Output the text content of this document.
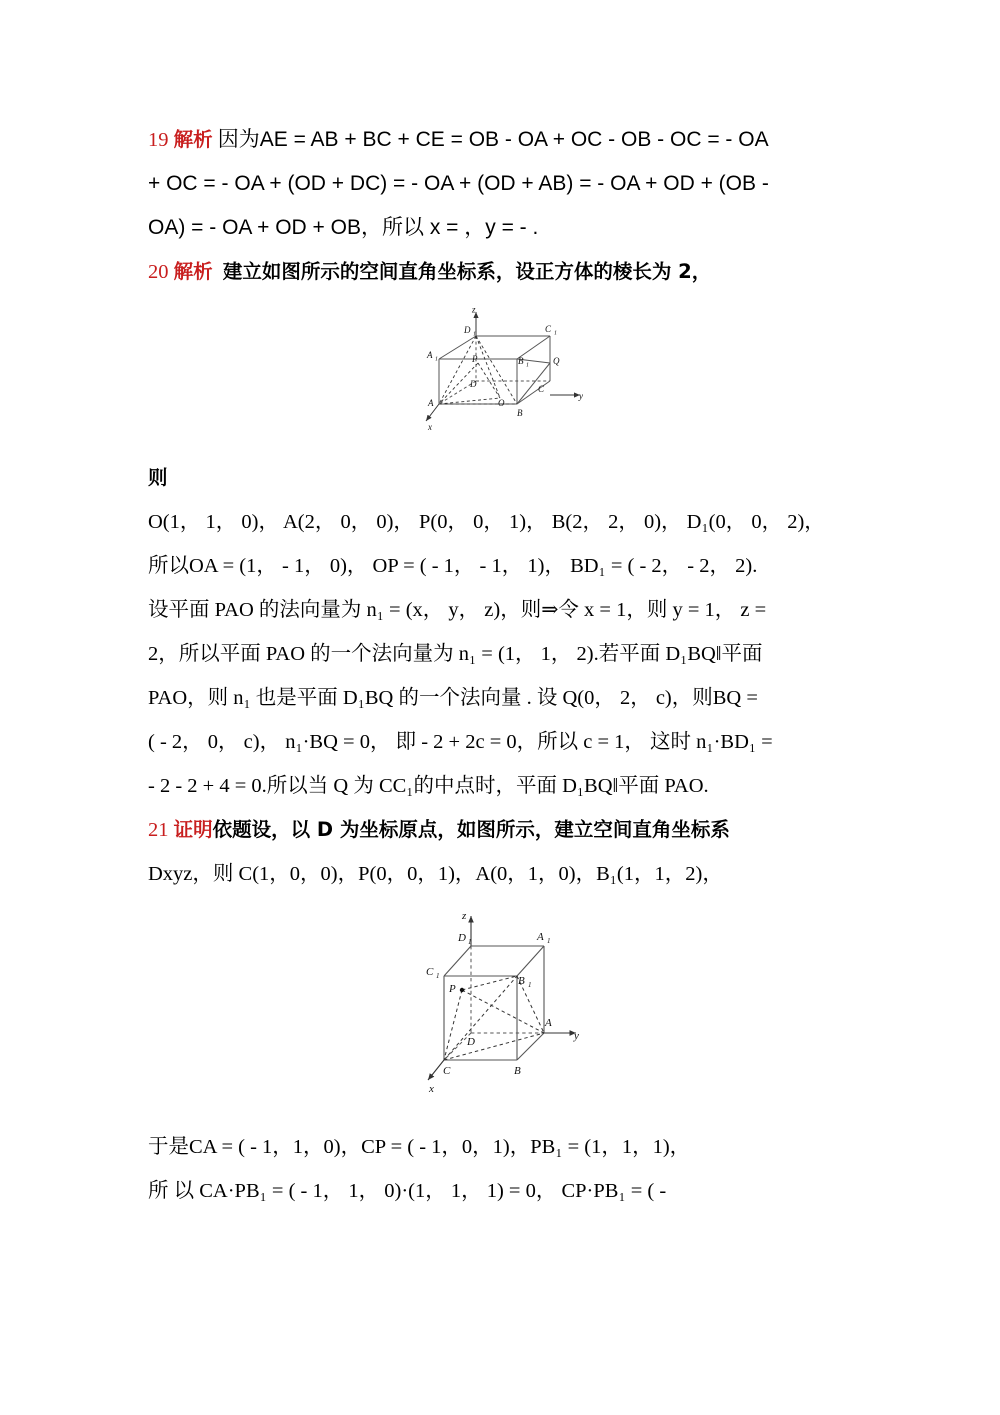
19 解析 因为AE = AB + BC + CE = OB - OA + OC - OB - OC = - OA
+ OC = - OA + (OD + DC) = - OA + (OD + AB) = - OA + OD + (OB -
OA) = - OA + OD + OB，所以 x = ，y = - .
20 解析 建立如图所示的空间直角坐标系，设正方体的棱长为 2，
z
y
x
D 1
C 1
A 1	B 1	Q
D	C
A	O
B
P
则
O(1， 1， 0)， A(2， 0， 0)， P(0， 0， 1)， B(2， 2， 0)， D₁(0， 0， 2)，
所以OA = (1， - 1， 0)， OP = ( - 1， - 1， 1)， BD₁ = ( - 2， - 2， 2).
设平面 PAO 的法向量为 n₁ = (x， y， z)，则⇒令 x = 1，则 y = 1， z =
2，所以平面 PAO 的一个法向量为 n₁ = (1， 1， 2).若平面 D₁BQ‖平面
PAO，则 n₁ 也是平面 D₁BQ 的一个法向量 . 设 Q(0， 2， c)，则BQ =
( - 2， 0， c)， n₁·BQ = 0， 即 - 2 + 2c = 0，所以 c = 1， 这时 n₁·BD₁ =
- 2 - 2 + 4 = 0.所以当 Q 为 CC₁的中点时，平面 D₁BQ‖平面 PAO.
21 证明依题设，以 D 为坐标原点，如图所示，建立空间直角坐标系
Dxyz，则 C(1，0，0)，P(0，0，1)，A(0，1，0)，B₁(1，1，2)，
z
y
x
D 1	A 1
C 1	B 1
P
D
A
C	B
于是CA = ( - 1，1，0)，CP = ( - 1，0，1)，PB₁ = (1，1，1)，
所 以 CA·PB₁ = ( - 1， 1， 0)·(1， 1， 1) = 0， CP·PB₁ = ( -
